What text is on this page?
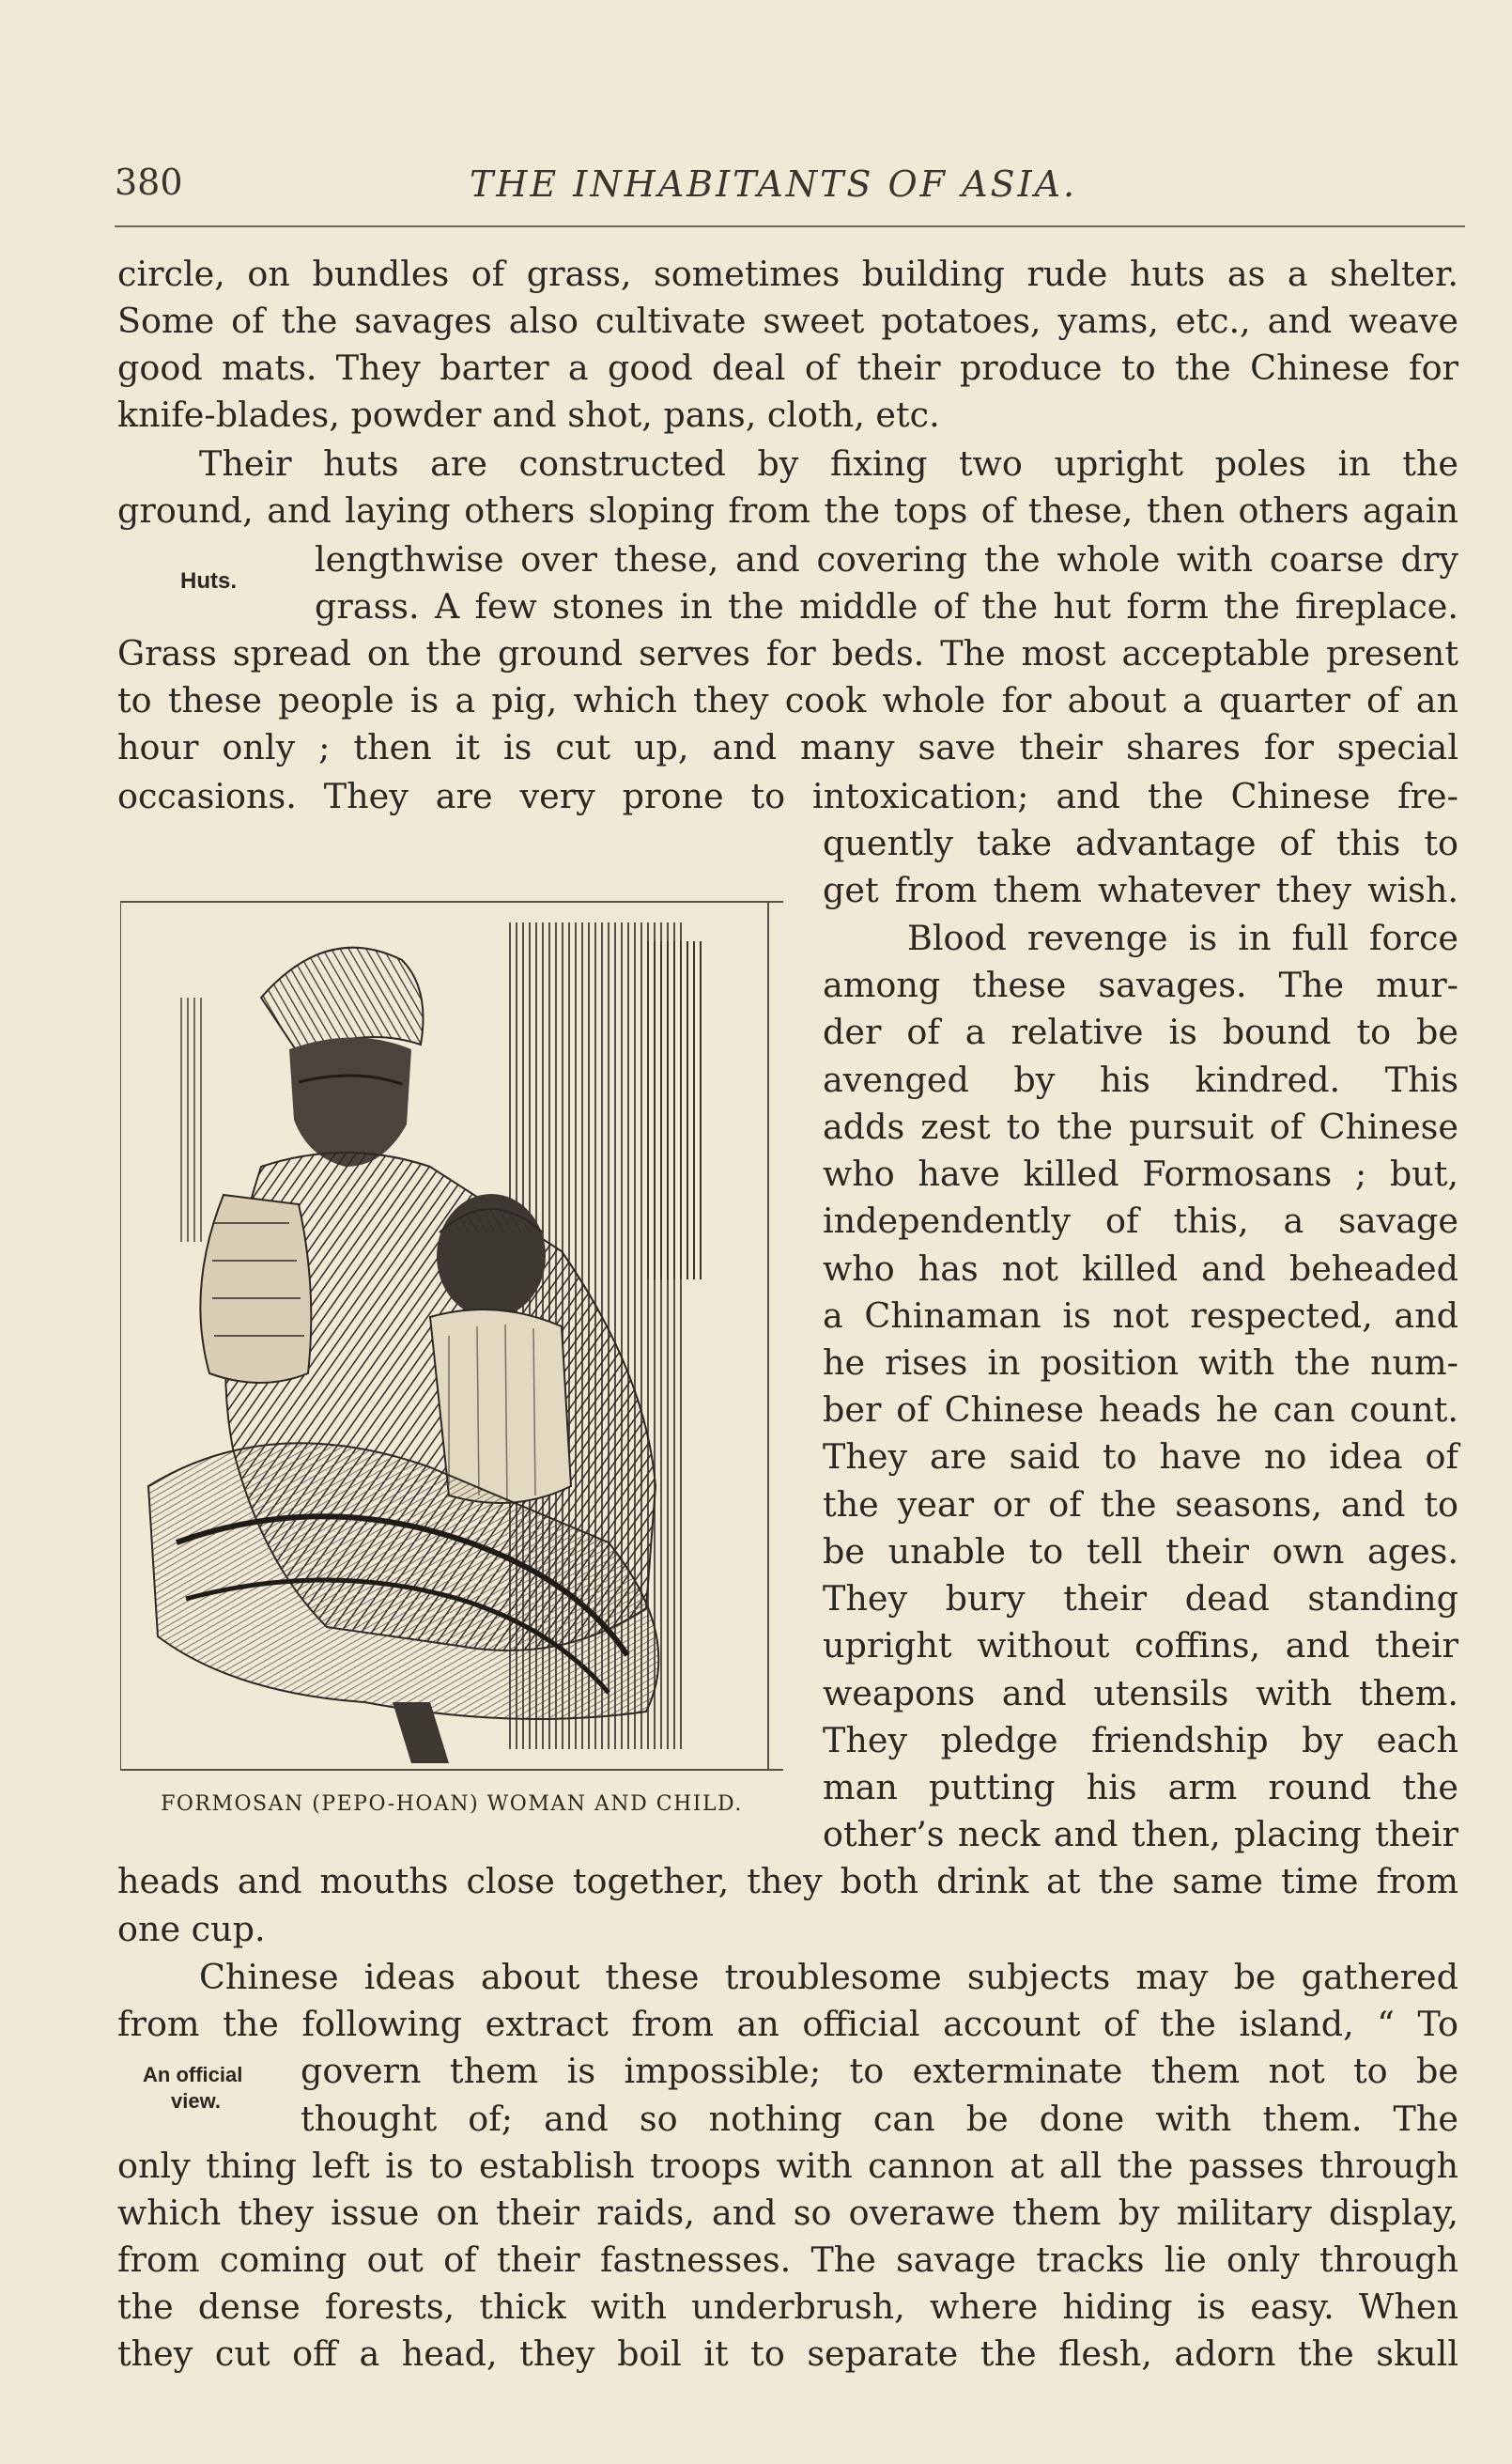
380	THE INHABITANTS OF ASIA.
circle, on bundles of grass, sometimes building rude huts as a shelter.
Some of the savages also cultivate sweet potatoes, yams, etc., and weave
good mats. They barter a good deal of their produce to the Chinese for
knife-blades, powder and shot, pans, cloth, etc.
Their huts are constructed by fixing two upright poles in the
ground, and laying others sloping from the tops of these, then others again
lengthwise over these, and covering the whole with coarse dry
grass. A few stones in the middle of the hut form the fireplace.
Grass spread on the ground serves for beds. The most acceptable present
to these people is a pig, which they cook whole for about a quarter of an
hour only ; then it is cut up, and many save their shares for special
occasions. They are very prone to intoxication; and the Chinese fre-
quently take advantage of this to
get from them whatever they wish.
Blood revenge is in full force
among these savages. The mur-
der of a relative is bound to be
avenged by his kindred. This
adds zest to the pursuit of Chinese
who have killed Formosans ; but,
independently of this, a savage
who has not killed and beheaded
a Chinaman is not respected, and
he rises in position with the num-
ber of Chinese heads he can count.
They are said to have no idea of
the year or of the seasons, and to
be unable to tell their own ages.
They bury their dead standing
upright without coffins, and their
weapons and utensils with them.
They pledge friendship by each
man putting his arm round the
other’s neck and then, placing their
heads and mouths close together, they both drink at the same time from
one cup.
Chinese ideas about these troublesome subjects may be gathered
from the following extract from an official account of the island, “ To
govern them is impossible; to exterminate them not to be
thought of; and so nothing can be done with them. The
only thing left is to establish troops with cannon at all the passes through
which they issue on their raids, and so overawe them by military display,
from coming out of their fastnesses. The savage tracks lie only through
the dense forests, thick with underbrush, where hiding is easy. When
they cut off a head, they boil it to separate the flesh, adorn the skull
Huts.
An official
view.
FORMOSAN (PEPO-HOAN) WOMAN AND CHILD.
